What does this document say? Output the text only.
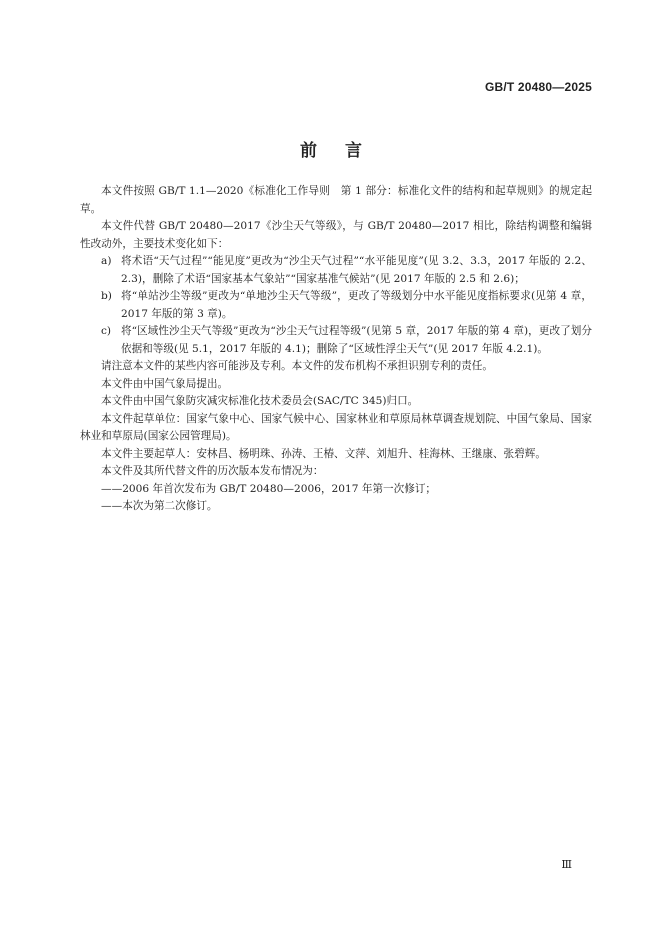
GB/T 20480—2025
前言

本文件按照 GB/T 1.1—2020《标准化工作导则　第 1 部分：标准化文件的结构和起草规则》的规定起草。

本文件代替 GB/T 20480—2017《沙尘天气等级》，与 GB/T 20480—2017 相比，除结构调整和编辑性改动外，主要技术变化如下：

a) 将术语“天气过程”“能见度”更改为“沙尘天气过程”“水平能见度”(见 3.2、3.3，2017 年版的 2.2、2.3)，删除了术语“国家基本气象站”“国家基准气候站”(见 2017 年版的 2.5 和 2.6)；

b) 将“单站沙尘等级”更改为“单地沙尘天气等级”，更改了等级划分中水平能见度指标要求(见第 4 章，2017 年版的第 3 章)。

c) 将“区域性沙尘天气等级”更改为“沙尘天气过程等级”(见第 5 章，2017 年版的第 4 章)，更改了划分依据和等级(见 5.1，2017 年版的 4.1)；删除了“区域性浮尘天气”(见 2017 年版 4.2.1)。

请注意本文件的某些内容可能涉及专利。本文件的发布机构不承担识别专利的责任。

本文件由中国气象局提出。

本文件由中国气象防灾减灾标准化技术委员会(SAC/TC 345)归口。

本文件起草单位：国家气象中心、国家气候中心、国家林业和草原局林草调查规划院、中国气象局、国家林业和草原局(国家公园管理局)。

本文件主要起草人：安林昌、杨明珠、孙涛、王椿、文萍、刘旭升、桂海林、王继康、张碧辉。

本文件及其所代替文件的历次版本发布情况为：

——2006 年首次发布为 GB/T 20480—2006，2017 年第一次修订；

——本次为第二次修订。

Ⅲ
